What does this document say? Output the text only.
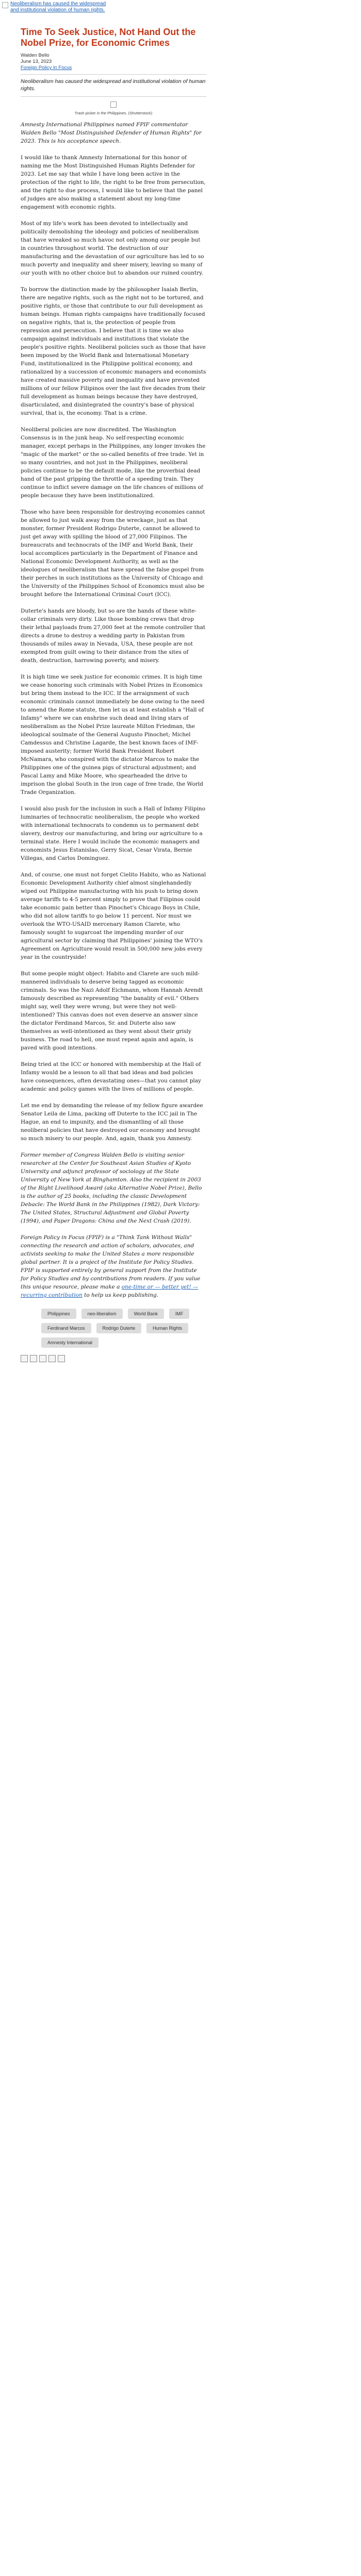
Neoliberalism has caused the widespread and institutional violation of human rights.
Time To Seek Justice, Not Hand Out the Nobel Prize, for Economic Crimes
Walden Bello
June 13, 2023
Foreign Policy In Focus
Neoliberalism has caused the widespread and institutional violation of human rights.
Trash picker in the Philippines. (Shutterstock)

Amnesty International Philippines named FPIF commentator Walden Bello "Most Distinguished Defender of Human Rights" for 2023. This is his acceptance speech.

I would like to thank Amnesty International for this honor of naming me the Most Distinguished Human Rights Defender for 2023. Let me say that while I have long been active in the protection of the right to life, the right to be free from persecution, and the right to due process, I would like to believe that the panel of judges are also making a statement about my long-time engagement with economic rights.

Most of my life's work has been devoted to intellectually and politically demolishing the ideology and policies of neoliberalism that have wreaked so much havoc not only among our people but in countries throughout world. The destruction of our manufacturing and the devastation of our agriculture has led to so much poverty and inequality and sheer misery, leaving so many of our youth with no other choice but to abandon our ruined country.

To borrow the distinction made by the philosopher Isaiah Berlin, there are negative rights, such as the right not to be tortured, and positive rights, or those that contribute to our full development as human beings. Human rights campaigns have traditionally focused on negative rights, that is, the protection of people from repression and persecution. I believe that it is time we also campaign against individuals and institutions that violate the people's positive rights. Neoliberal policies such as those that have been imposed by the World Bank and International Monetary Fund, institutionalized in the Philippine political economy, and rationalized by a succession of economic managers and economists have created massive poverty and inequality and have prevented millions of our fellow Filipinos over the last five decades from their full development as human beings because they have destroyed, disarticulated, and disintegrated the country's base of physical survival, that is, the economy. That is a crime.

Neoliberal policies are now discredited. The Washington Consensus is in the junk heap. No self-respecting economic manager, except perhaps in the Philippines, any longer invokes the "magic of the market" or the so-called benefits of free trade. Yet in so many countries, and not just in the Philippines, neoliberal policies continue to be the default mode, like the proverbial dead hand of the past gripping the throttle of a speeding train. They continue to inflict severe damage on the life chances of millions of people because they have been institutionalized.

Those who have been responsible for destroying economies cannot be allowed to just walk away from the wreckage, just as that monster, former President Rodrigo Duterte, cannot be allowed to just get away with spilling the blood of 27,000 Filipinos. The bureaucrats and technocrats of the IMF and World Bank, their local accomplices particularly in the Department of Finance and National Economic Development Authority, as well as the ideologues of neoliberalism that have spread the false gospel from their perches in such institutions as the University of Chicago and the University of the Philippines School of Economics must also be brought before the International Criminal Court (ICC).

Duterte's hands are bloody, but so are the hands of these white-collar criminals very dirty. Like those bombing crews that drop their lethal payloads from 27,000 feet at the remote controller that directs a drone to destroy a wedding party in Pakistan from thousands of miles away in Nevada, USA, these people are not exempted from guilt owing to their distance from the sites of death, destruction, harrowing poverty, and misery.

It is high time we seek justice for economic crimes. It is high time we cease honoring such criminals with Nobel Prizes in Economics but bring them instead to the ICC. If the arraignment of such economic criminals cannot immediately be done owing to the need to amend the Rome statute, then let us at least establish a "Hall of Infamy" where we can enshrine such dead and living stars of neoliberalism as the Nobel Prize laureate Milton Friedman, the ideological soulmate of the General Augusto Pinochet; Michel Camdessus and Christine Lagarde, the best known faces of IMF-imposed austerity; former World Bank President Robert McNamara, who conspired with the dictator Marcos to make the Philippines one of the guinea pigs of structural adjustment; and Pascal Lamy and Mike Moore, who spearheaded the drive to imprison the global South in the iron cage of free trade, the World Trade Organization.

I would also push for the inclusion in such a Hall of Infamy Filipino luminaries of technocratic neoliberalism, the people who worked with international technocrats to condemn us to permanent debt slavery, destroy our manufacturing, and bring our agriculture to a terminal state. Here I would include the economic managers and economists Jesus Estanislao, Gerry Sicat, Cesar Virata, Bernie Villegas, and Carlos Dominguez.

And, of course, one must not forget Cielito Habito, who as National Economic Development Authority chief almost singlehandedly wiped out Philippine manufacturing with his push to bring down average tariffs to 4-5 percent simply to prove that Filipinos could take economic pain better than Pinochet's Chicago Boys in Chile, who did not allow tariffs to go below 11 percent. Nor must we overlook the WTO-USAID mercenary Ramon Clarete, who famously sought to sugarcoat the impending murder of our agricultural sector by claiming that Philippines' joining the WTO's Agreement on Agriculture would result in 500,000 new jobs every year in the countryside!

But some people might object: Habito and Clarete are such mild-mannered individuals to deserve being tagged as economic criminals. So was the Nazi Adolf Eichmann, whom Hannah Arendt famously described as representing "the banality of evil." Others might say, well they were wrong, but were they not well-intentioned? This canvas does not even deserve an answer since the dictator Ferdinand Marcos, Sr. and Duterte also saw themselves as well-intentioned as they went about their grisly business. The road to hell, one must repeat again and again, is paved with good intentions.

Being tried at the ICC or honored with membership at the Hall of Infamy would be a lesson to all that bad ideas and bad policies have consequences, often devastating ones—that you cannot play academic and policy games with the lives of millions of people.

Let me end by demanding the release of my fellow figure awardee Senator Leila de Lima, packing off Duterte to the ICC jail in The Hague, an end to impunity, and the dismantling of all those neoliberal policies that have destroyed our economy and brought so much misery to our people. And, again, thank you Amnesty.

Former member of Congress Walden Bello is visiting senior researcher at the Center for Southeast Asian Studies of Kyoto University and adjunct professor of sociology at the State University of New York at Binghamton. Also the recipient in 2003 of the Right Livelihood Award (aka Alternative Nobel Prize), Bello is the author of 25 books, including the classic Development Debacle: The World Bank in the Philippines (1982), Dark Victory: The United States, Structural Adjustment and Global Poverty (1994), and Paper Dragons: China and the Next Crash (2019).

Foreign Policy in Focus (FPIF) is a "Think Tank Without Walls" connecting the research and action of scholars, advocates, and activists seeking to make the United States a more responsible global partner. It is a project of the Institute for Policy Studies. FPIF is supported entirely by general support from the Institute for Policy Studies and by contributions from readers. If you value this unique resource, please make a one-time or — better yet! — recurring contribution to help us keep publishing.

Philippines	neo-liberalism	World Bank	IMF
Ferdinand Marcos	Rodrigo Duterte	Human Rights
Amnesty International
